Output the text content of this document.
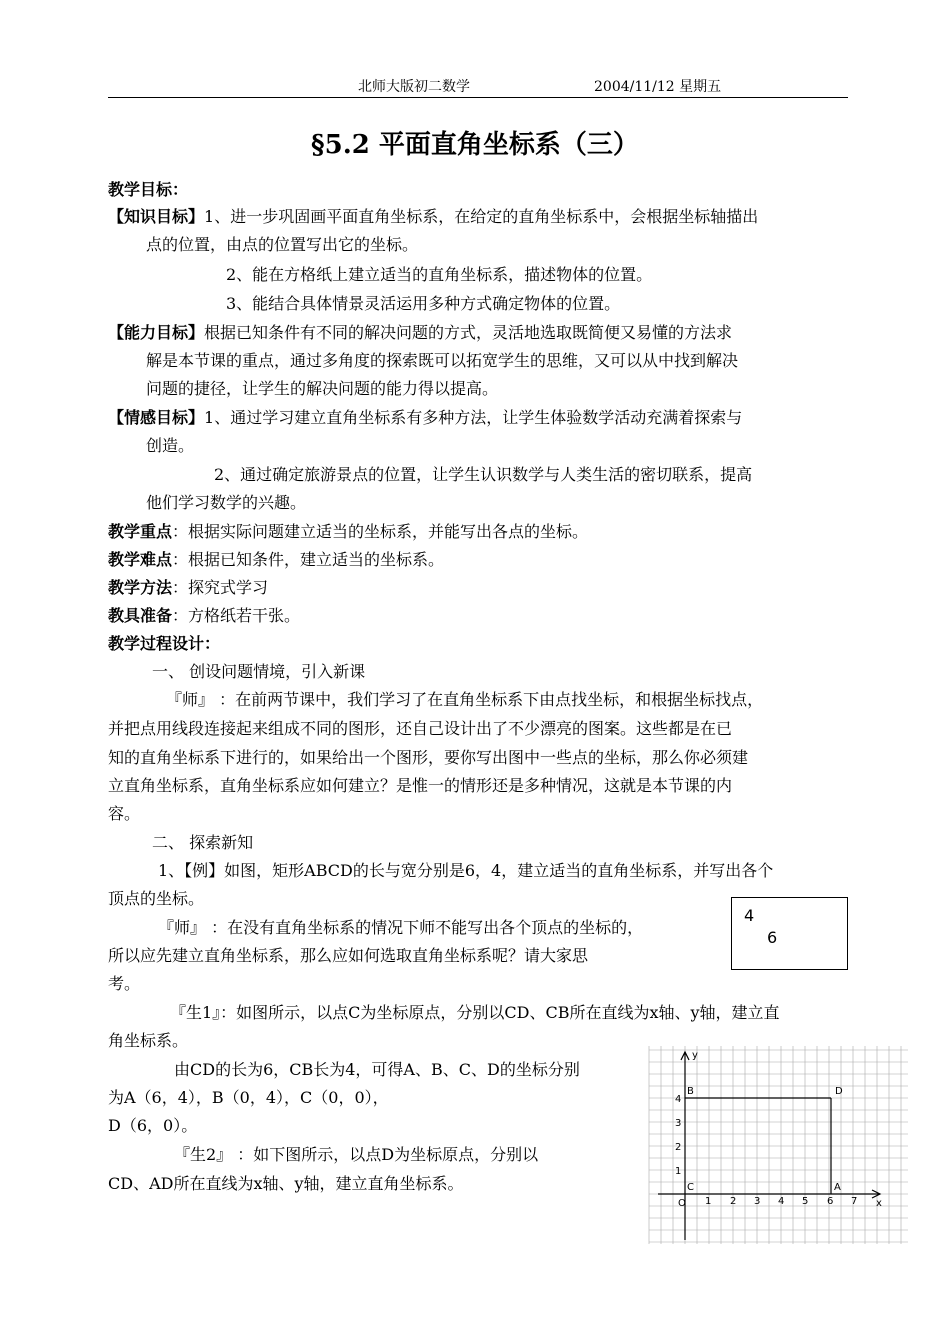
北师大版初二数学	2004/11/12 星期五
§5.2 平面直角坐标系（三）
教学目标：
【知识目标】1、进一步巩固画平面直角坐标系，在给定的直角坐标系中，会根据坐标轴描出
点的位置，由点的位置写出它的坐标。
2、能在方格纸上建立适当的直角坐标系，描述物体的位置。
3、能结合具体情景灵活运用多种方式确定物体的位置。
【能力目标】根据已知条件有不同的解决问题的方式，灵活地选取既简便又易懂的方法求
解是本节课的重点，通过多角度的探索既可以拓宽学生的思维，又可以从中找到解决
问题的捷径，让学生的解决问题的能力得以提高。
【情感目标】1、通过学习建立直角坐标系有多种方法，让学生体验数学活动充满着探索与
创造。
2、通过确定旅游景点的位置，让学生认识数学与人类生活的密切联系，提高
他们学习数学的兴趣。
教学重点：根据实际问题建立适当的坐标系，并能写出各点的坐标。
教学难点：根据已知条件，建立适当的坐标系。
教学方法：探究式学习
教具准备：方格纸若干张。
教学过程设计：
一、 创设问题情境，引入新课
『师』 ：在前两节课中，我们学习了在直角坐标系下由点找坐标，和根据坐标找点，
并把点用线段连接起来组成不同的图形，还自己设计出了不少漂亮的图案。这些都是在已
知的直角坐标系下进行的，如果给出一个图形，要你写出图中一些点的坐标，那么你必须建
立直角坐标系，直角坐标系应如何建立？是惟一的情形还是多种情况，这就是本节课的内
容。
二、 探索新知
1、【例】如图，矩形ABCD的长与宽分别是6，4，建立适当的直角坐标系，并写出各个
顶点的坐标。
『师』 ：在没有直角坐标系的情况下师不能写出各个顶点的坐标的，
所以应先建立直角坐标系，那么应如何选取直角坐标系呢？请大家思
考。
4
6
『生1』：如图所示，以点C为坐标原点，分别以CD、CB所在直线为x轴、y轴，建立直
角坐标系。
由CD的长为6，CB长为4，可得A、B、C、D的坐标分别
为A（6，4），B（0，4），C（0，0），
D（6，0）。
『生2』 ：如下图所示，以点D为坐标原点，分别以
CD、AD所在直线为x轴、y轴，建立直角坐标系。
y
x
O 1 2 3 4 5 6 7
1
2
3
4
B	D
C	A
